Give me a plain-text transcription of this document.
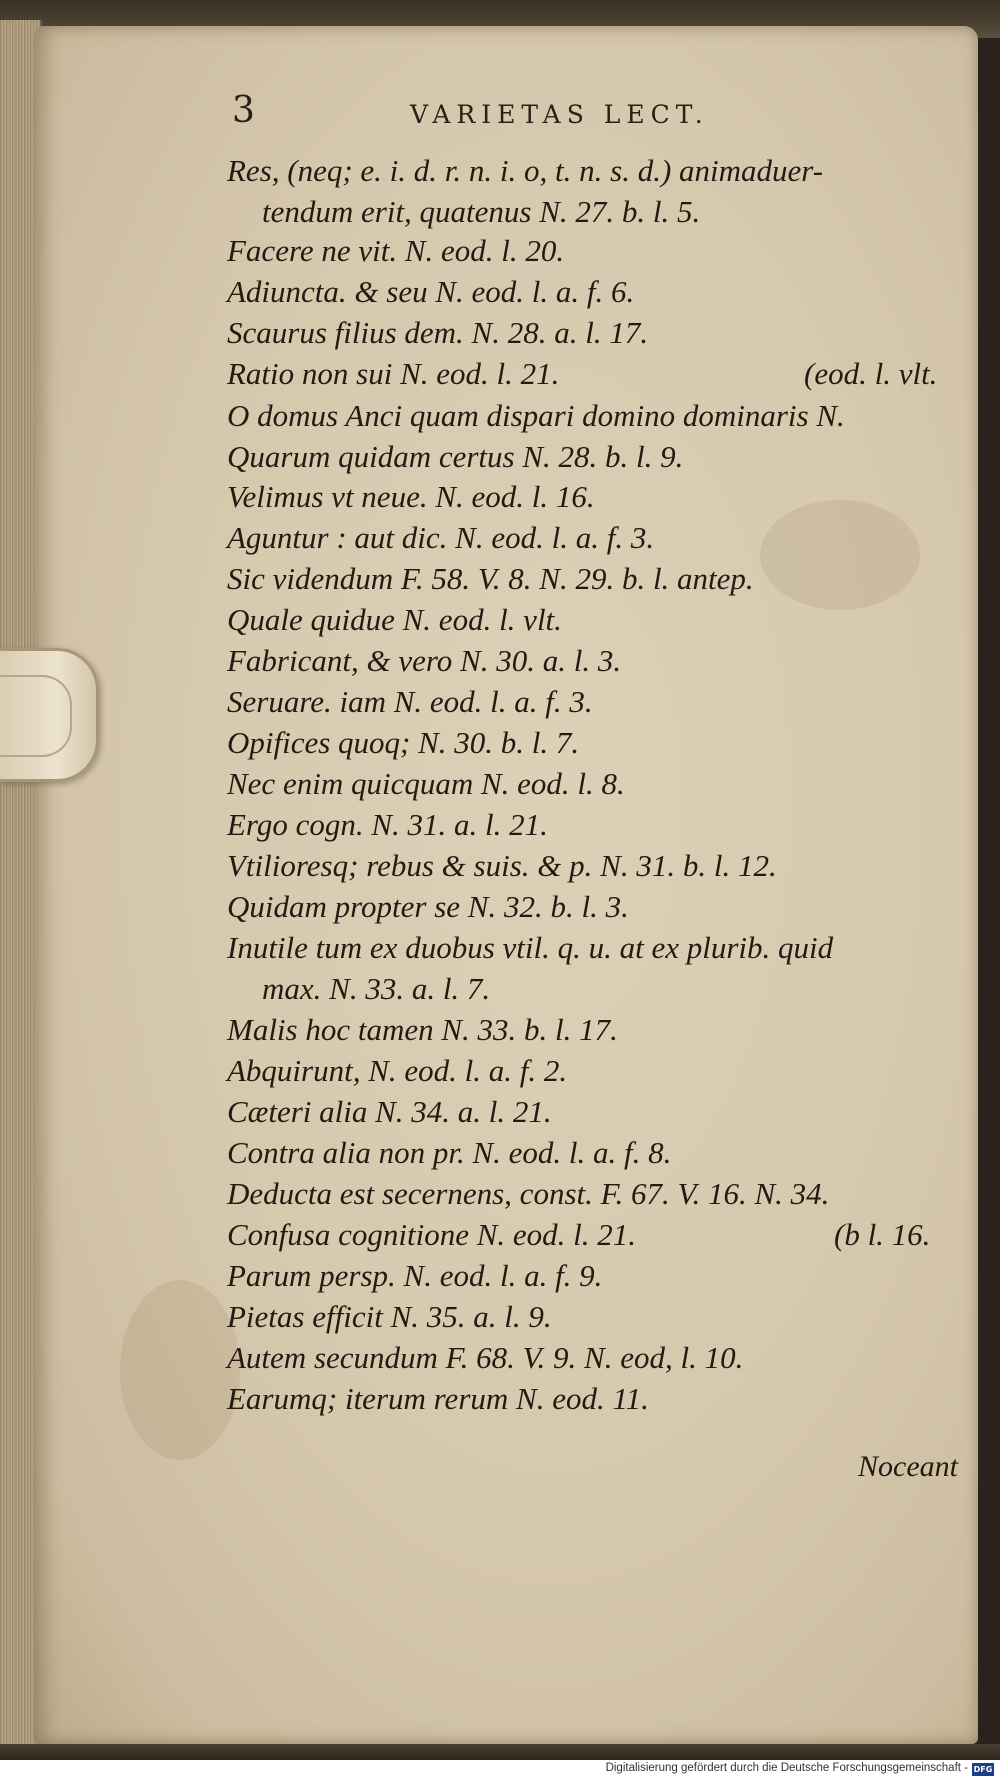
3	VARIETAS LECT.
Res, (neq; e. i. d. r. n. i. o, t. n. s. d.) animaduer-
tendum erit, quatenus N. 27. b. l. 5.
Facere ne vit. N. eod. l. 20.
Adiuncta. & seu N. eod. l. a. f. 6.
Scaurus filius dem. N. 28. a. l. 17.
Ratio non sui N. eod. l. 21.	(eod. l. vlt.
O domus Anci quam dispari domino dominaris N.
Quarum quidam certus N. 28. b. l. 9.
Velimus vt neue. N. eod. l. 16.
Aguntur : aut dic. N. eod. l. a. f. 3.
Sic videndum F. 58. V. 8. N. 29. b. l. antep.
Quale quidue N. eod. l. vlt.
Fabricant, & vero N. 30. a. l. 3.
Seruare. iam N. eod. l. a. f. 3.
Opifices quoq; N. 30. b. l. 7.
Nec enim quicquam N. eod. l. 8.
Ergo cogn. N. 31. a. l. 21.
Vtilioresq; rebus & suis. & p. N. 31. b. l. 12.
Quidam propter se N. 32. b. l. 3.
Inutile tum ex duobus vtil. q. u. at ex plurib. quid
max. N. 33. a. l. 7.
Malis hoc tamen N. 33. b. l. 17.
Abquirunt, N. eod. l. a. f. 2.
Cæteri alia N. 34. a. l. 21.
Contra alia non pr. N. eod. l. a. f. 8.
Deducta est secernens, const. F. 67. V. 16. N. 34.
Confusa cognitione N. eod. l. 21.	(b l. 16.
Parum persp. N. eod. l. a. f. 9.
Pietas efficit N. 35. a. l. 9.
Autem secundum F. 68. V. 9. N. eod, l. 10.
Earumq; iterum rerum N. eod. 11.
Noceant
Digitalisierung gefördert durch die Deutsche Forschungsgemeinschaft - DFG
